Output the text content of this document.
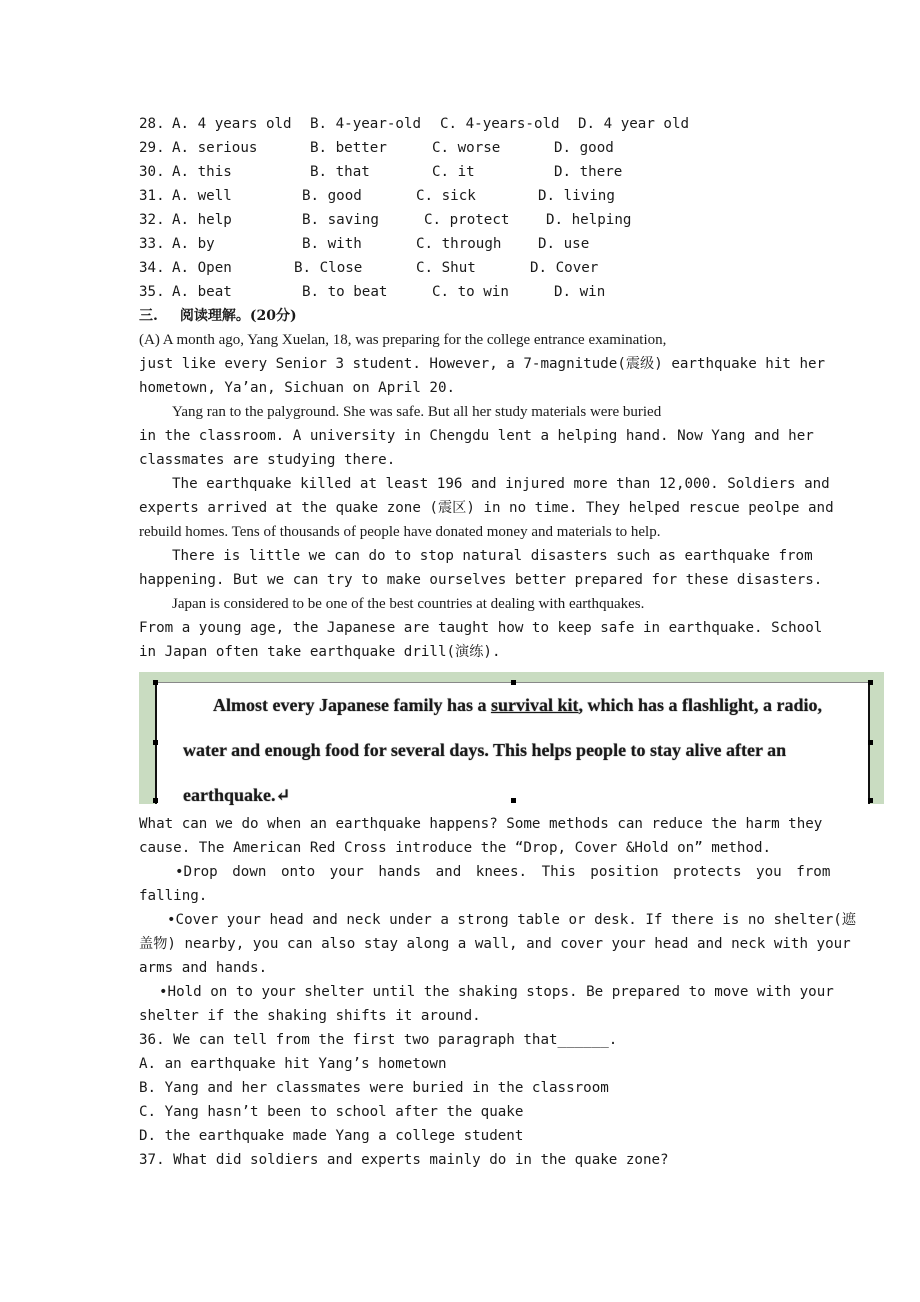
28. A. 4 years old	B. 4-year-old	C. 4-years-old	D. 4 year old
29. A. serious	B. better	C. worse	D. good
30. A. this	B. that	C. it	D. there
31. A. well	B. good	C. sick	D. living
32. A. help	B. saving	C. protect	D. helping
33. A. by	B. with	C. through	D. use
34. A. Open	B. Close	C. Shut	D. Cover
35. A. beat	B. to beat	C. to win	D. win
三. 阅读理解。(20分)
(A) A month ago, Yang Xuelan, 18, was preparing for the college entrance examination,
just like every Senior 3 student. However, a 7-magnitude(震级) earthquake hit her
hometown, Ya’an, Sichuan on April 20.
Yang ran to the palyground. She was safe. But all her study materials were buried
in the classroom. A university in Chengdu lent a helping hand. Now Yang and her
classmates are studying there.
The earthquake killed at least 196 and injured more than 12,000. Soldiers and
experts arrived at the quake zone (震区) in no time. They helped rescue peolpe and
rebuild homes. Tens of thousands of people have donated money and materials to help.
There is little we can do to stop natural disasters such as earthquake from
happening. But we can try to make ourselves better prepared for these disasters.
Japan is considered to be one of the best countries at dealing with earthquakes.
From a young age, the Japanese are taught how to keep safe in earthquake. School
in Japan often take earthquake drill(演练).
Almost every Japanese family has a survival kit, which has a flashlight, a radio,
water and enough food for several days. This helps people to stay alive after an
earthquake.↵
What can we do when an earthquake happens? Some methods can reduce the harm they
cause. The American Red Cross introduce the “Drop, Cover &Hold on” method.
•Drop down onto your hands and knees. This position protects you from
falling.
•Cover your head and neck under a strong table or desk. If there is no shelter(遮
盖物) nearby, you can also stay along a wall, and cover your head and neck with your
arms and hands.
•Hold on to your shelter until the shaking stops. Be prepared to move with your
shelter if the shaking shifts it around.
36. We can tell from the first two paragraph that______.
A. an earthquake hit Yang’s hometown
B. Yang and her classmates were buried in the classroom
C. Yang hasn’t been to school after the quake
D. the earthquake made Yang a college student
37. What did soldiers and experts mainly do in the quake zone?
